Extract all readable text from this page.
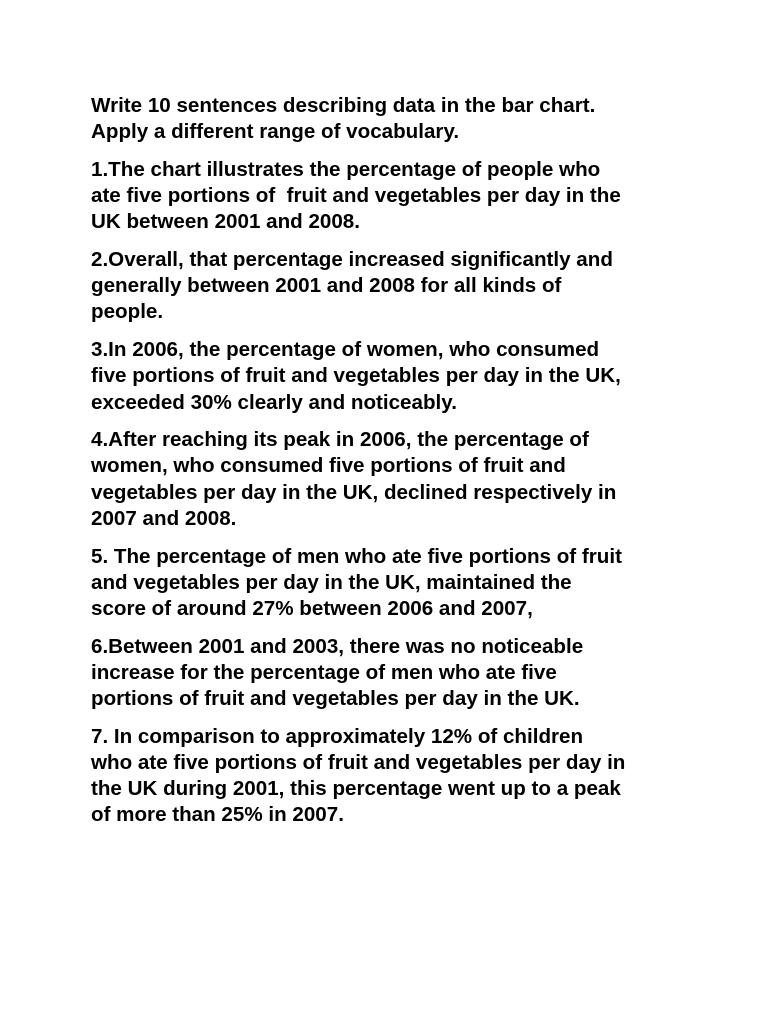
Write 10 sentences describing data in the bar chart.
Apply a different range of vocabulary.

1.The chart illustrates the percentage of people who
ate five portions of  fruit and vegetables per day in the
UK between 2001 and 2008.

2.Overall, that percentage increased significantly and
generally between 2001 and 2008 for all kinds of
people.

3.In 2006, the percentage of women, who consumed
five portions of fruit and vegetables per day in the UK,
exceeded 30% clearly and noticeably.

4.After reaching its peak in 2006, the percentage of
women, who consumed five portions of fruit and
vegetables per day in the UK, declined respectively in
2007 and 2008.

5. The percentage of men who ate five portions of fruit
and vegetables per day in the UK, maintained the
score of around 27% between 2006 and 2007,

6.Between 2001 and 2003, there was no noticeable
increase for the percentage of men who ate five
portions of fruit and vegetables per day in the UK.

7. In comparison to approximately 12% of children
who ate five portions of fruit and vegetables per day in
the UK during 2001, this percentage went up to a peak
of more than 25% in 2007.
